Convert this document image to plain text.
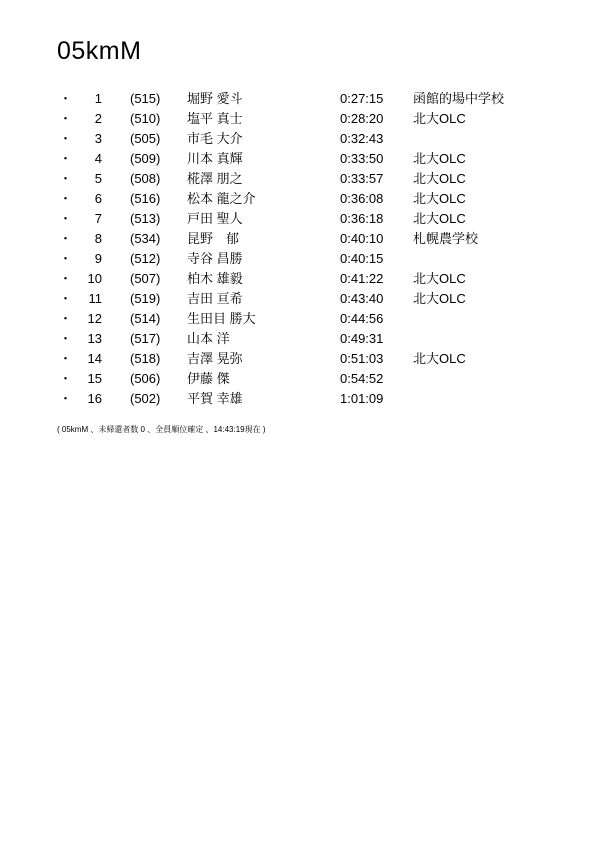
05kmM
・	1 (515) 堀野 愛斗	0:27:15 函館的場中学校
・	2 (510) 塩平 真士	0:28:20 北大OLC
・	3 (505) 市毛 大介	0:32:43
・	4 (509) 川本 真輝	0:33:50 北大OLC
・	5 (508) 椛澤 朋之	0:33:57 北大OLC
・	6 (516) 松本 龍之介	0:36:08 北大OLC
・	7 (513) 戸田 聖人	0:36:18 北大OLC
・	8 (534) 昆野　郁	0:40:10 札幌農学校
・	9 (512) 寺谷 昌勝	0:40:15
・	10 (507) 柏木 雄毅	0:41:22 北大OLC
・	11 (519) 吉田 亘希	0:43:40 北大OLC
・	12 (514) 生田目 勝大	0:44:56
・	13 (517) 山本 洋	0:49:31
・	14 (518) 吉澤 晃弥	0:51:03 北大OLC
・	15 (506) 伊藤 傑	0:54:52
・	16 (502) 平賀 幸雄	1:01:09
( 05kmM 、未帰還者数 0 、全員順位確定 、14:43:19現在 )
